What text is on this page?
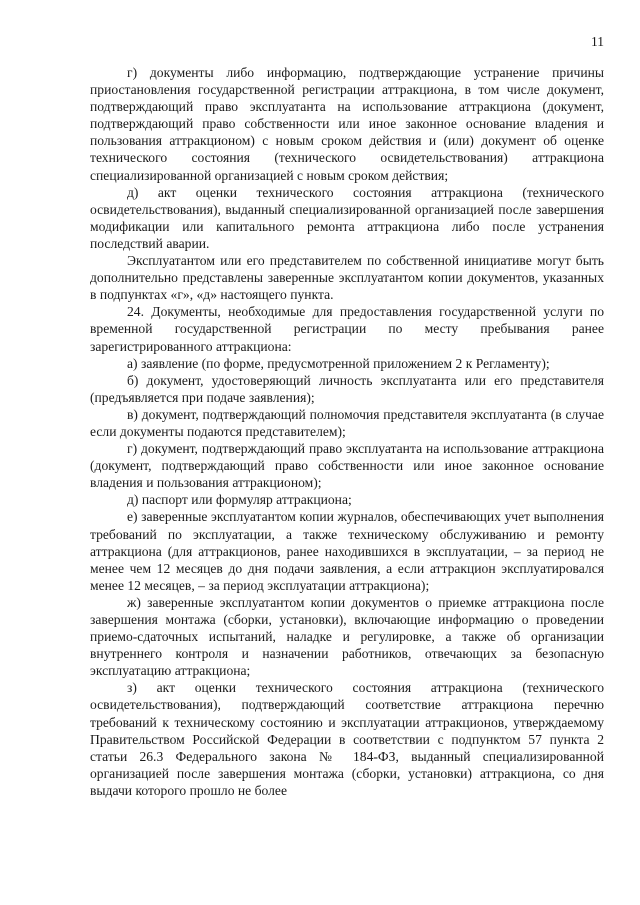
11

г) документы либо информацию, подтверждающие устранение причины приостановления государственной регистрации аттракциона, в том числе документ, подтверждающий право эксплуатанта на использование аттракциона (документ, подтверждающий право собственности или иное законное основание владения и пользования аттракционом) с новым сроком действия и (или) документ об оценке технического состояния (технического освидетельствования) аттракциона специализированной организацией с новым сроком действия;

д) акт оценки технического состояния аттракциона (технического освидетельствования), выданный специализированной организацией после завершения модификации или капитального ремонта аттракциона либо после устранения последствий аварии.

Эксплуатантом или его представителем по собственной инициативе могут быть дополнительно представлены заверенные эксплуатантом копии документов, указанных в подпунктах «г», «д» настоящего пункта.

24. Документы, необходимые для предоставления государственной услуги по временной государственной регистрации по месту пребывания ранее зарегистрированного аттракциона:

а) заявление (по форме, предусмотренной приложением 2 к Регламенту);

б) документ, удостоверяющий личность эксплуатанта или его представителя (предъявляется при подаче заявления);

в) документ, подтверждающий полномочия представителя эксплуатанта (в случае если документы подаются представителем);

г) документ, подтверждающий право эксплуатанта на использование аттракциона (документ, подтверждающий право собственности или иное законное основание владения и пользования аттракционом);

д) паспорт или формуляр аттракциона;

е) заверенные эксплуатантом копии журналов, обеспечивающих учет выполнения требований по эксплуатации, а также техническому обслуживанию и ремонту аттракциона (для аттракционов, ранее находившихся в эксплуатации, – за период не менее чем 12 месяцев до дня подачи заявления, а если аттракцион эксплуатировался менее 12 месяцев, – за период эксплуатации аттракциона);

ж) заверенные эксплуатантом копии документов о приемке аттракциона после завершения монтажа (сборки, установки), включающие информацию о проведении приемо-сдаточных испытаний, наладке и регулировке, а также об организации внутреннего контроля и назначении работников, отвечающих за безопасную эксплуатацию аттракциона;

з) акт оценки технического состояния аттракциона (технического освидетельствования), подтверждающий соответствие аттракциона перечню требований к техническому состоянию и эксплуатации аттракционов, утверждаемому Правительством Российской Федерации в соответствии с подпунктом 57 пункта 2 статьи 26.3 Федерального закона № 184-ФЗ, выданный специализированной организацией после завершения монтажа (сборки, установки) аттракциона, со дня выдачи которого прошло не более
